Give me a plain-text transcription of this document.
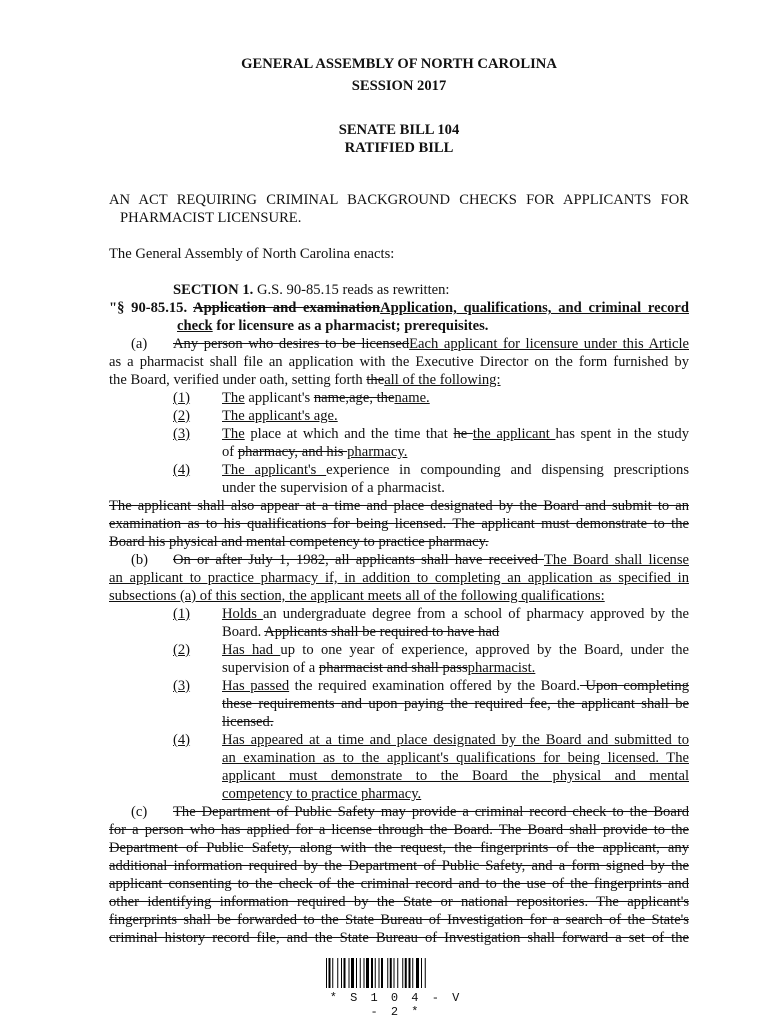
GENERAL ASSEMBLY OF NORTH CAROLINA
SESSION 2017
SENATE BILL 104
RATIFIED BILL
AN ACT REQUIRING CRIMINAL BACKGROUND CHECKS FOR APPLICANTS FOR
PHARMACIST LICENSURE.
The General Assembly of North Carolina enacts:
SECTION 1. G.S. 90-85.15 reads as rewritten:
"§ 90-85.15. Application and examinationApplication, qualifications, and criminal record
check for licensure as a pharmacist; prerequisites.
(a) Any person who desires to be licensedEach applicant for licensure under this Article
as a pharmacist shall file an application with the Executive Director on the form furnished by
the Board, verified under oath, setting forth theall of the following:
(1) The applicant's name,age, thename.
(2) The applicant's age.
(3) The place at which and the time that he the applicant has spent in the study
of pharmacy, and his pharmacy.
(4) The applicant's experience in compounding and dispensing prescriptions
under the supervision of a pharmacist.
The applicant shall also appear at a time and place designated by the Board and submit to an
examination as to his qualifications for being licensed. The applicant must demonstrate to the
Board his physical and mental competency to practice pharmacy.
(b) On or after July 1, 1982, all applicants shall have received The Board shall license
an applicant to practice pharmacy if, in addition to completing an application as specified in
subsections (a) of this section, the applicant meets all of the following qualifications:
(1) Holds an undergraduate degree from a school of pharmacy approved by the
Board. Applicants shall be required to have had
(2) Has had up to one year of experience, approved by the Board, under the
supervision of a pharmacist and shall passpharmacist.
(3) Has passed the required examination offered by the Board. Upon completing
these requirements and upon paying the required fee, the applicant shall be
licensed.
(4) Has appeared at a time and place designated by the Board and submitted to
an examination as to the applicant's qualifications for being licensed. The
applicant must demonstrate to the Board the physical and mental
competency to practice pharmacy.
(c) The Department of Public Safety may provide a criminal record check to the Board
for a person who has applied for a license through the Board. The Board shall provide to the
Department of Public Safety, along with the request, the fingerprints of the applicant, any
additional information required by the Department of Public Safety, and a form signed by the
applicant consenting to the check of the criminal record and to the use of the fingerprints and
other identifying information required by the State or national repositories. The applicant's
fingerprints shall be forwarded to the State Bureau of Investigation for a search of the State's
criminal history record file, and the State Bureau of Investigation shall forward a set of the
* S 1 0 4 - V - 2 *
